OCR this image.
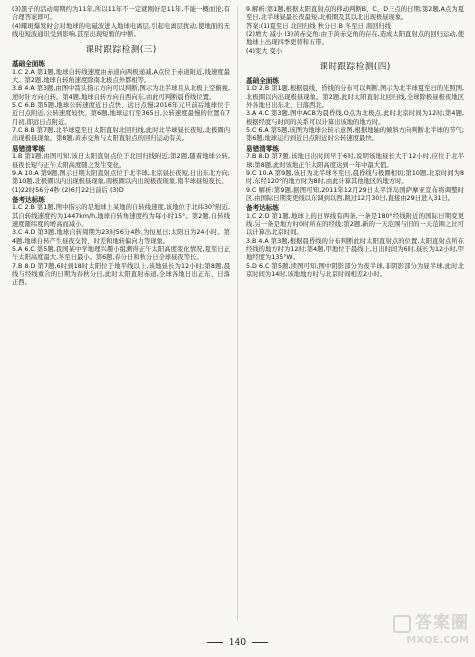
(3)黑子的活动周期约为11年,所以11年不一定就刚好是11年,不能一概而论,有合理答案即可。

(4)耀斑爆发时会对地球的电磁波进入地球电离层,引起电离层扰动,使地面的无线电短波通讯受到影响,甚至出现短暂的中断。

课时跟踪检测(三)
基础全面练

1.C 2.A 第1题,地球自转线速度由赤道向两极递减,A点位于赤道附近,线速度最大。第2题,地球自转角速度除南北极点外都相等。

3.B 4.A 第3题,由图中箭头指示方向可以判断,图示为北半球且从北极上空俯视,逆时针方向自转。第4题,地球自转方向自西向东,由此可判断晨昏线位置。

5.C 6.B 第5题,地球公转速度近日点快、远日点慢;2016年元旦前后地球位于近日点附近,公转速度较快。第6题,地球运行至365日,公转速度最慢的位置在7月初,即远日点附近。

7.C 8.B 第7题,北半球夏至日太阳直射北回归线,此时北半球昼长夜短,北极圈内出现极昼现象。第8题,黄赤交角与太阳直射点的回归运动有关。

易错清零练

1.B 第1题,由图可知,该日太阳直射点位于北回归线附近;第2题,随着地球公转,昼夜长短与正午太阳高度随之发生变化。

9.A 10.A 第9题,图示日期太阳直射点位于北半球,北京昼长夜短,日出东北方向;第10题,北极圈以内出现极昼现象,南极圈以内出现极夜现象,南半球昼短夜长。

(1)22时56分4秒 (2)6月22日前后 (3)D

备考达标练

1.C 2.B 第1题,图中指示的是地球上某地的自转线速度,该地位于北纬30°附近,其自转线速度约为1447km/h,地球自转角速度约为每小时15°。第2题,自转线速度随纬度的增高而减小。

3.C 4.D 第3题,地球自转周期为23时56分4秒,为恒星日;太阳日为24小时。第4题,地球自转产生昼夜交替、时差和地转偏向力等现象。

5.A 6.C 第5题,我国某中学地理兴趣小组测得正午太阳高度变化情况,夏至日正午太阳高度最大,冬至日最小。第6题,春分日和秋分日全球昼夜等长。

7.B 8.D 第7题,6时到18时太阳位于地平线以上,该地昼长为12小时;第8题,晨线与经线重合的日期为春秋分日,此时太阳直射赤道,全球各地日出正东、日落正西。

9.解析:第1题,根据太阳直射点的移动判断B、C、D三点的日期;第2题,A点为夏至日,北半球昼最长夜最短,北极圈及其以北出现极昼现象。

答案:(1)夏至日 北回归线 秋分日 B 冬至日 南回归线

(2)增大 减小 (3)黄赤交角:由于黄赤交角的存在,造成太阳直射点的回归运动,使地球上出现四季更替和五带。

(4)变大 变小

课时跟踪检测(四)
基础全面练

1.D 2.B 第1题,根据晨线、昏线的分布可以判断,图示为北半球夏至日的光照图,北极圈以内出现极昼现象。第2题,此时太阳直射北回归线,全球除极昼极夜地区外各地日出东北、日落西北。

3.A 4.C 第3题,图中ACB为晨昏线,O点为北极点,此时北京时间为12时;第4题,根据经度与时间的关系可以计算出该地的地方时。

5.C 6.A 第5题,该图为地球公转示意图,根据地轴的倾斜方向判断北半球的节气;第6题,地球运行到近日点附近时公转速度最快。

易错清零练

7.B 8.D 第7题,该地日出时间早于6时,说明该地昼长大于12小时,应位于北半球;第8题,此时该地正午太阳高度达到一年中最大值。

9.C 10.A 第9题,该日为北半球冬至日,晨昏线与极圈相切;第10题,北京时间为8时,东经120°的地方时为8时,由此计算其他地区的地方时。

9.C 解析:第9题,据图可知,2011年12月29日太平洋岛国萨摩亚宣布将调整时区,由国际日期变更线以东调到以西,跳过12月30日,直接由29日进入31日。

备考达标练

1.C 2.D 第1题,地球上的日界线有两条,一条是180°经线附近的国际日期变更线,另一条是地方时0时所在的经线;第2题,新的一天范围与旧的一天范围之比可以计算出北京时间。

3.B 4.A 第3题,根据晨昏线的分布判断此时太阳直射点的位置,太阳直射点所在经线的地方时为12时;第4题,甲地位于晨线上,日出时间为6时,昼长为12小时,甲地经度为135°W。

5.D 6.C 第5题,读图可知,图中阴影部分为夜半球,非阴影部分为昼半球,此时北京时间为14时,该地地方时与北京时间相差2小时。

140
答案圈
MXQE.COM
